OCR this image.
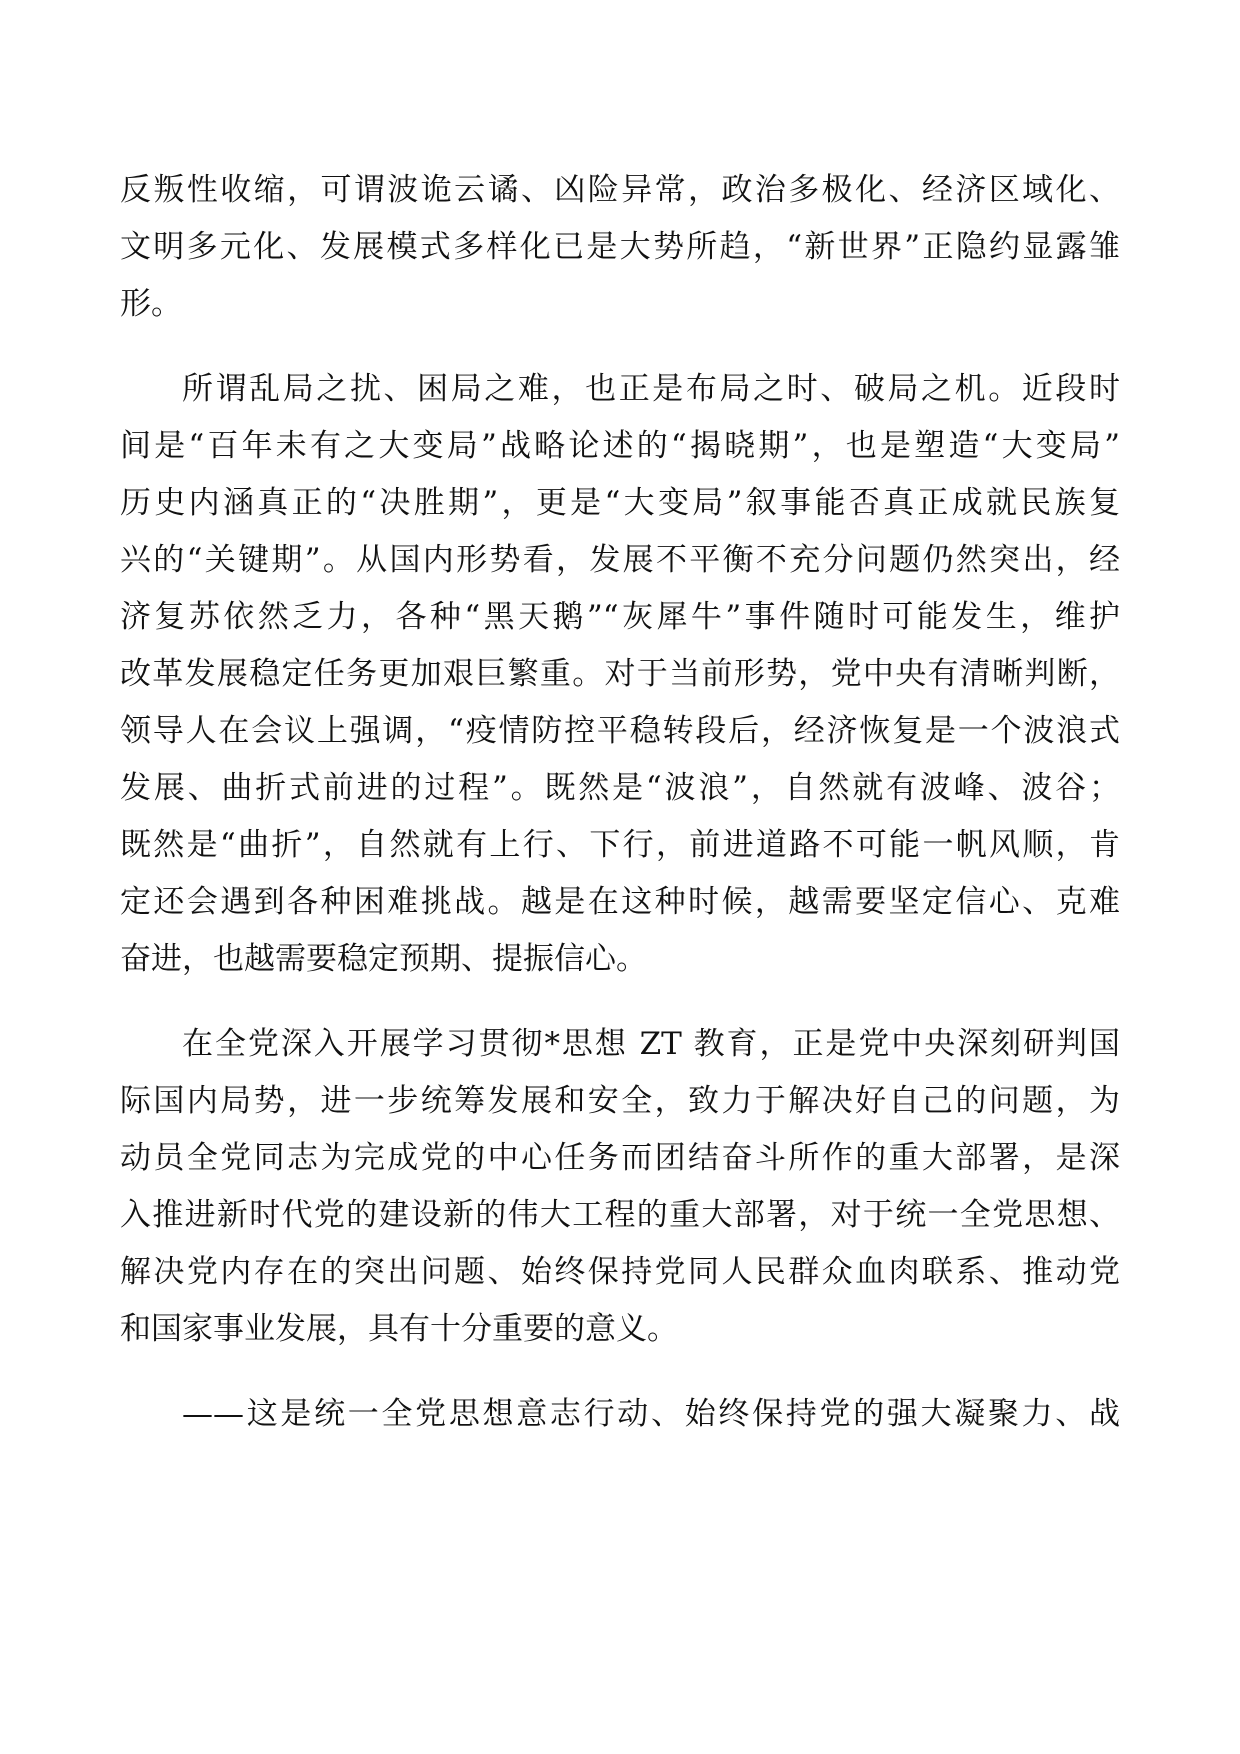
反叛性收缩，可谓波诡云谲、凶险异常，政治多极化、经济区域化、
文明多元化、发展模式多样化已是大势所趋，“新世界”正隐约显露雏
形。
所谓乱局之扰、困局之难，也正是布局之时、破局之机。近段时
间是“百年未有之大变局”战略论述的“揭晓期”，也是塑造“大变局”
历史内涵真正的“决胜期”，更是“大变局”叙事能否真正成就民族复
兴的“关键期”。从国内形势看，发展不平衡不充分问题仍然突出，经
济复苏依然乏力，各种“黑天鹅”“灰犀牛”事件随时可能发生，维护
改革发展稳定任务更加艰巨繁重。对于当前形势，党中央有清晰判断，
领导人在会议上强调，“疫情防控平稳转段后，经济恢复是一个波浪式
发展、曲折式前进的过程”。既然是“波浪”，自然就有波峰、波谷；
既然是“曲折”，自然就有上行、下行，前进道路不可能一帆风顺，肯
定还会遇到各种困难挑战。越是在这种时候，越需要坚定信心、克难
奋进，也越需要稳定预期、提振信心。
在全党深入开展学习贯彻*思想 ZT 教育，正是党中央深刻研判国
际国内局势，进一步统筹发展和安全，致力于解决好自己的问题，为
动员全党同志为完成党的中心任务而团结奋斗所作的重大部署，是深
入推进新时代党的建设新的伟大工程的重大部署，对于统一全党思想、
解决党内存在的突出问题、始终保持党同人民群众血肉联系、推动党
和国家事业发展，具有十分重要的意义。
——这是统一全党思想意志行动、始终保持党的强大凝聚力、战
